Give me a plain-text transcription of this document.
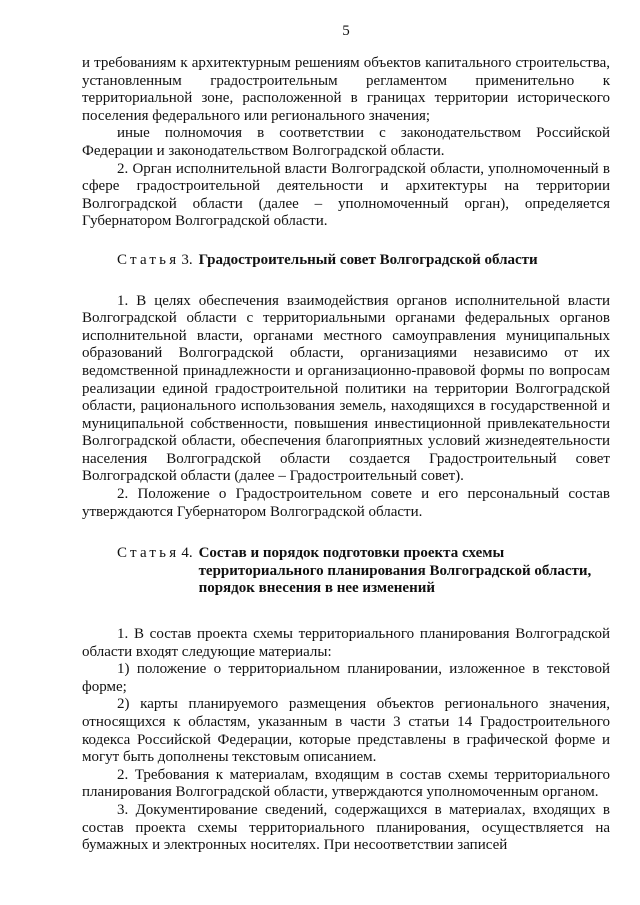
5

и требованиям к архитектурным решениям объектов капитального строительства, установленным градостроительным регламентом применительно к территориальной зоне, расположенной в границах территории исторического поселения федерального или регионального значения;

иные полномочия в соответствии с законодательством Российской Федерации и законодательством Волгоградской области.

2. Орган исполнительной власти Волгоградской области, уполномоченный в сфере градостроительной деятельности и архитектуры на территории Волгоградской области (далее – уполномоченный орган), определяется Губернатором Волгоградской области.

Статья 3. Градостроительный совет Волгоградской области

1. В целях обеспечения взаимодействия органов исполнительной власти Волгоградской области с территориальными органами федеральных органов исполнительной власти, органами местного самоуправления муниципальных образований Волгоградской области, организациями независимо от их ведомственной принадлежности и организационно-правовой формы по вопросам реализации единой градостроительной политики на территории Волгоградской области, рационального использования земель, находящихся в государственной и муниципальной собственности, повышения инвестиционной привлекательности Волгоградской области, обеспечения благоприятных условий жизнедеятельности населения Волгоградской области создается Градостроительный совет Волгоградской области (далее – Градостроительный совет).

2. Положение о Градостроительном совете и его персональный состав утверждаются Губернатором Волгоградской области.

Статья 4. Состав и порядок подготовки проекта схемы
территориального планирования Волгоградской области,
порядок внесения в нее изменений

1. В состав проекта схемы территориального планирования Волгоградской области входят следующие материалы:

1) положение о территориальном планировании, изложенное в текстовой форме;

2) карты планируемого размещения объектов регионального значения, относящихся к областям, указанным в части 3 статьи 14 Градостроительного кодекса Российской Федерации, которые представлены в графической форме и могут быть дополнены текстовым описанием.

2. Требования к материалам, входящим в состав схемы территориального планирования Волгоградской области, утверждаются уполномоченным органом.

3. Документирование сведений, содержащихся в материалах, входящих в состав проекта схемы территориального планирования, осуществляется на бумажных и электронных носителях. При несоответствии записей
